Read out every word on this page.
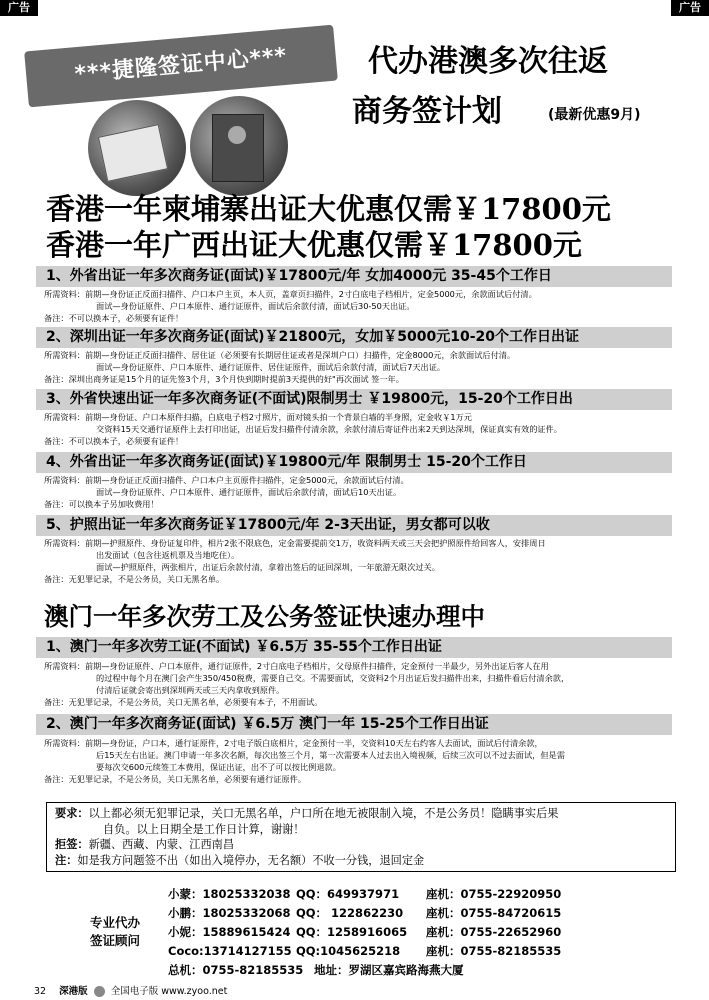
广告	广告
***捷隆签证中心***	代办港澳多次往返
商务签计划	(最新优惠9月)
香港一年柬埔寨出证大优惠仅需￥17800元
香港一年广西出证大优惠仅需￥17800元
1、外省出证一年多次商务证(面试)￥17800元/年 女加4000元 35-45个工作日
所需资料：前期—身份证正反面扫描件、户口本户主页，本人页，盖章页扫描件，2寸白底电子档相片，定金5000元，余款面试后付清。
面试—身份证原件、户口本原件、通行证原件，面试后余款付清，面试后30-50天出证。
备注：不可以换本子，必须要有证件！
2、深圳出证一年多次商务证(面试)￥21800元，女加￥5000元10-20个工作日出证
所需资料：前期—身份证正反面扫描件、居住证（必须要有长期居住证或者是深圳户口）扫描件，定金8000元，余款面试后付清。
面试—身份证原件、户口本原件、通行证原件、居住证原件，面试后余款付清，面试后7天出证。
备注：深圳出商务证是15个月的证先签3个月，3个月快到期时提前3天提供的好"再次面试 签一年。
3、外省快速出证一年多次商务证(不面试)限制男士 ￥19800元，15-20个工作日出
所需资料：前期—身份证、户口本原件扫描，白底电子档2寸照片，面对镜头拍一个背景白墙的半身照，定金收￥1万元
交资料15天交通行证原件上去打印出证，出证后发扫描件付清余款，余款付清后寄证件出来2天到达深圳，保证真实有效的证件。
备注：不可以换本子，必须要有证件！
4、外省出证一年多次商务证(面试)￥19800元/年 限制男士 15-20个工作日
所需资料：前期—身份证正反面扫描件、户口本户主页原件扫描件，定金5000元，余款面试后付清。
面试—身份证原件、户口本原件、通行证原件，面试后余款付清，面试后10天出证。
备注：可以换本子另加收费用！
5、护照出证一年多次商务证￥17800元/年 2-3天出证，男女都可以收
所需资料：前期—护照原件、身份证复印件，相片2张不限底色，定金需要提前交1万，收资料两天或三天会把护照原件给回客人，安排周日
出发面试（包含往返机票及当地吃住）。
面试—护照原件，两张相片，出证后余款付清，拿着出签后的证回深圳，一年旅游无限次过关。
备注：无犯罪记录，不是公务员，关口无黑名单。
澳门一年多次劳工及公务签证快速办理中
1、澳门一年多次劳工证(不面试) ￥6.5万 35-55个工作日出证
所需资料：前期—身份证原件、户口本原件，通行证原件，2寸白底电子档相片，父母原件扫描件，定金预付一半最少，另外出证后客人在用
的过程中每个月在澳门会产生350/450税费，需要自己交。不需要面试，交资料2个月出证后发扫描件出来，扫描件看后付清余款，
付清后证就会寄出到深圳两天或三天内拿收到原件。
备注：无犯罪记录，不是公务员，关口无黑名单，必须要有本子，不用面试。
2、澳门一年多次商务证(面试) ￥6.5万 澳门一年 15-25个工作日出证
所需资料：前期—身份证，户口本，通行证原件，2寸电子版白底相片，定金预付一半，交资料10天左右约客人去面试，面试后付清余款，
后15天左右出证。澳门申请一年多次名额，每次出签三个月，第一次需要本人过去出入境视频，后续三次可以不过去面试，但是需
要每次交600元续签工本费用，保证出证，出不了可以按比例退款。
备注：无犯罪记录，不是公务员，关口无黑名单，必须要有通行证原件。
要求：以上都必须无犯罪记录，关口无黑名单，户口所在地无被限制入境，不是公务员！隐瞒事实后果
自负。以上日期全是工作日计算，谢谢！
拒签：新疆、西藏、内蒙、江西南昌
注：如是我方问题签不出（如出入境停办，无名额）不收一分钱，退回定金
专业代办
签证顾问
小蒙：18025332038 QQ：649937971 座机：0755-22920950
小鹏：18025332068 QQ： 122862230 座机：0755-84720615
小妮：15889615424 QQ：1258916065 座机：0755-22652960
Coco:13714127155 QQ:1045625218 座机：0755-82185535
总机：0755-82185535 地址：罗湖区嘉宾路海燕大厦
32 深港版 全国电子版 www.zyoo.net
